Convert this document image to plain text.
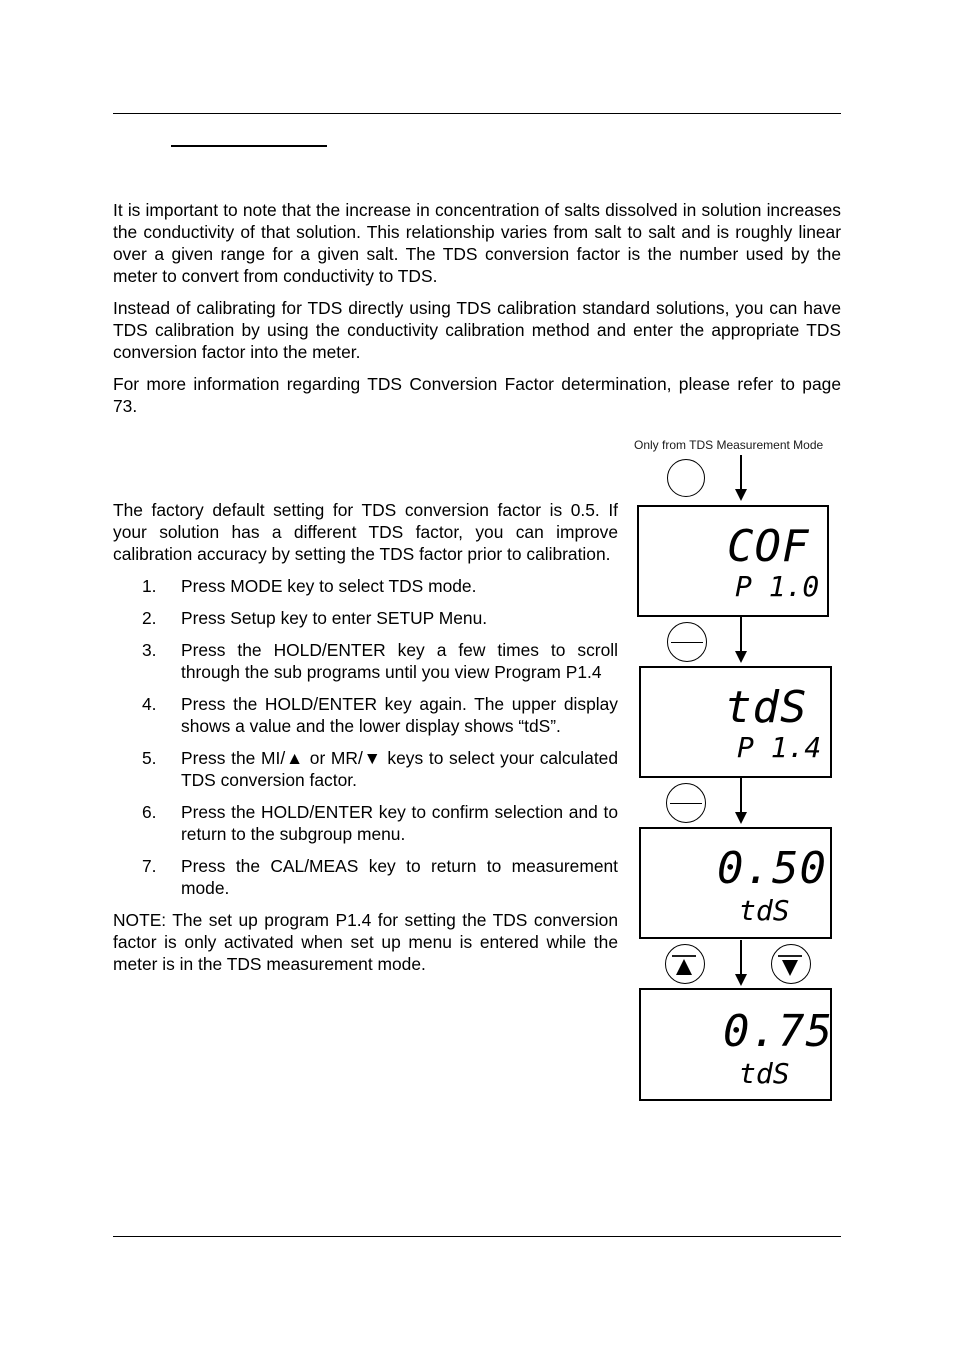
It is important to note that the increase in concentration of salts dissolved in solution increases the conductivity of that solution. This relationship varies from salt to salt and is roughly linear over a given range for a given salt. The TDS conversion factor is the number used by the meter to convert from conductivity to TDS.

Instead of calibrating for TDS directly using TDS calibration standard solutions, you can have TDS calibration by using the conductivity calibration method and enter the appropriate TDS conversion factor into the meter.

For more information regarding TDS Conversion Factor determination, please refer to page 73.

The factory default setting for TDS conversion factor is 0.5. If your solution has a different TDS factor, you can improve calibration accuracy by setting the TDS factor prior to calibration.

1. Press MODE key to select TDS mode.
2. Press Setup key to enter SETUP Menu.
3. Press the HOLD/ENTER key a few times to scroll through the sub programs until you view Program P1.4
4. Press the HOLD/ENTER key again. The upper display shows a value and the lower display shows “tdS”.
5. Press the MI/▲ or MR/▼ keys to select your calculated TDS conversion factor.
6. Press the HOLD/ENTER key to confirm selection and to return to the subgroup menu.
7. Press the CAL/MEAS key to return to measurement mode.

NOTE: The set up program P1.4 for setting the TDS conversion factor is only activated when set up menu is entered while the meter is in the TDS measurement mode.

Only from TDS Measurement Mode
COF
P 1.0
tdS
P 1.4
0.50
tdS
0.75
tdS
